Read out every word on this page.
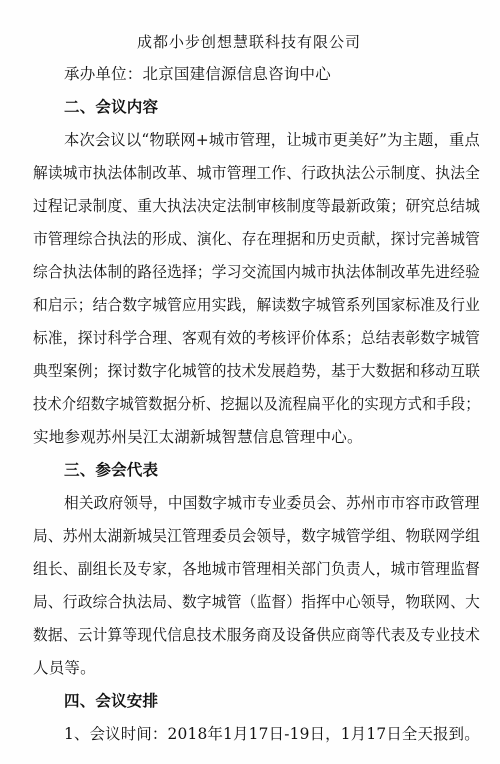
成都小步创想慧联科技有限公司
承办单位：北京国建信源信息咨询中心
二、会议内容
本次会议以“物联网+城市管理，让城市更美好”为主题，重点
解读城市执法体制改革、城市管理工作、行政执法公示制度、执法全
过程记录制度、重大执法决定法制审核制度等最新政策；研究总结城
市管理综合执法的形成、演化、存在理据和历史贡献，探讨完善城管
综合执法体制的路径选择；学习交流国内城市执法体制改革先进经验
和启示；结合数字城管应用实践，解读数字城管系列国家标准及行业
标准，探讨科学合理、客观有效的考核评价体系；总结表彰数字城管
典型案例；探讨数字化城管的技术发展趋势，基于大数据和移动互联
技术介绍数字城管数据分析、挖掘以及流程扁平化的实现方式和手段；
实地参观苏州吴江太湖新城智慧信息管理中心。
三、参会代表
相关政府领导，中国数字城市专业委员会、苏州市市容市政管理
局、苏州太湖新城吴江管理委员会领导，数字城管学组、物联网学组
组长、副组长及专家，各地城市管理相关部门负责人，城市管理监督
局、行政综合执法局、数字城管（监督）指挥中心领导，物联网、大
数据、云计算等现代信息技术服务商及设备供应商等代表及专业技术
人员等。
四、会议安排
1、会议时间：2018年1月17日-19日，1月17日全天报到。
